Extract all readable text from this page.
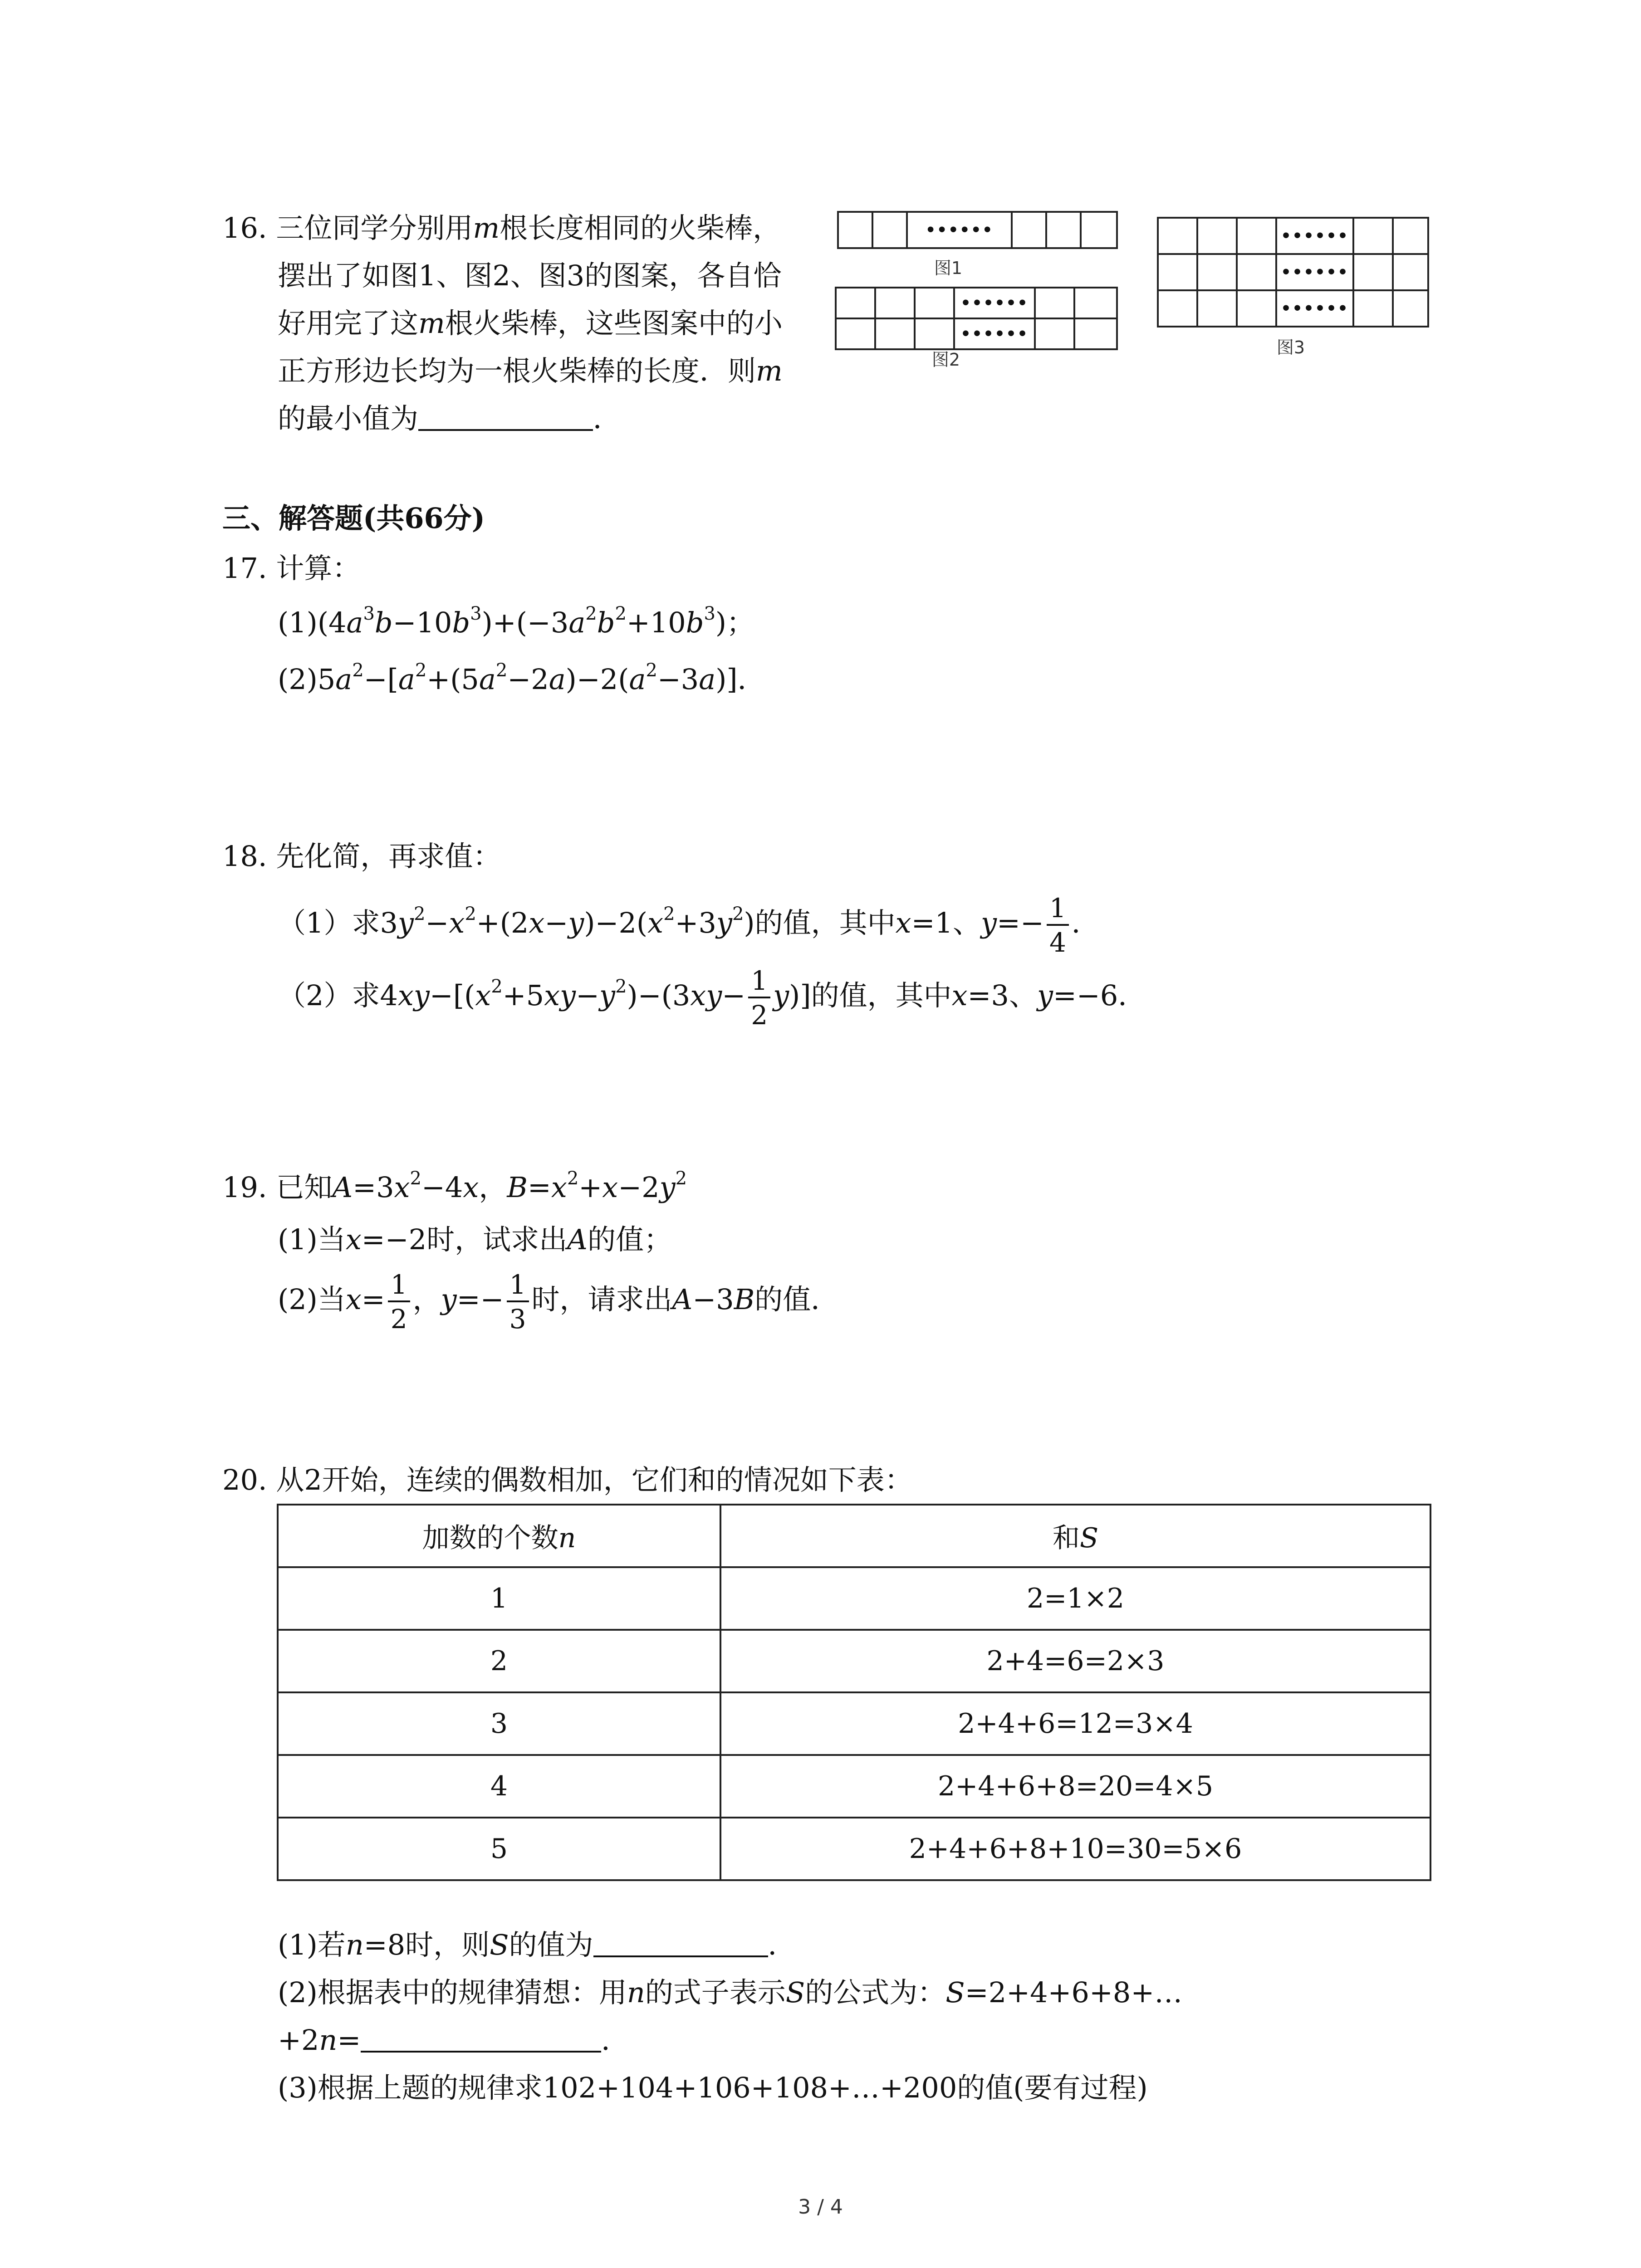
16. 三位同学分别用m根长度相同的火柴棒，
摆出了如图1、图2、图3的图案，各自恰
好用完了这m根火柴棒，这些图案中的小
正方形边长均为一根火柴棒的长度．则m
的最小值为	．
••••••
图1
••••••
••••••
图2
••••••
••••••
••••••
图3
三、解答题(共66分)
17. 计算：
$(1)(4a^3b-10b^3)+(-3a^2b^2+10b^3)$；
$(2)5a^2-[a^2+(5a^2-2a)-2(a^2-3a)]$．
18. 先化简，再求值：
（1）求$3y^2-x^2+(2x-y)-2(x^2+3y^2)$的值，其中x=1、$y=- \frac{1}{4}$ ．
（2）求$4xy-[(x^2+5xy-y^2)-(3xy- \frac{1}{2} y)]$的值，其中x=3、y=−6．
19. 已知$A=3x^2-4x$，$B=x^2+x-2y^2$
(1)当x=−2时，试求出A的值；
(2)当$x= \frac{1}{2}$ ，$y=- \frac{1}{3}$ 时，请求出A−3B的值．
20. 从2开始，连续的偶数相加，它们和的情况如下表：
加数的个数n	和S
1	2=1×2
2	2+4=6=2×3
3	2+4+6=12=3×4
4	2+4+6+8=20=4×5
5	2+4+6+8+10=30=5×6
(1)若n=8时，则S的值为	．
(2)根据表中的规律猜想：用n的式子表示S的公式为：S=2+4+6+8+…
+2n=	．
(3)根据上题的规律求102+104+106+108+…+200的值(要有过程)
3 / 4
